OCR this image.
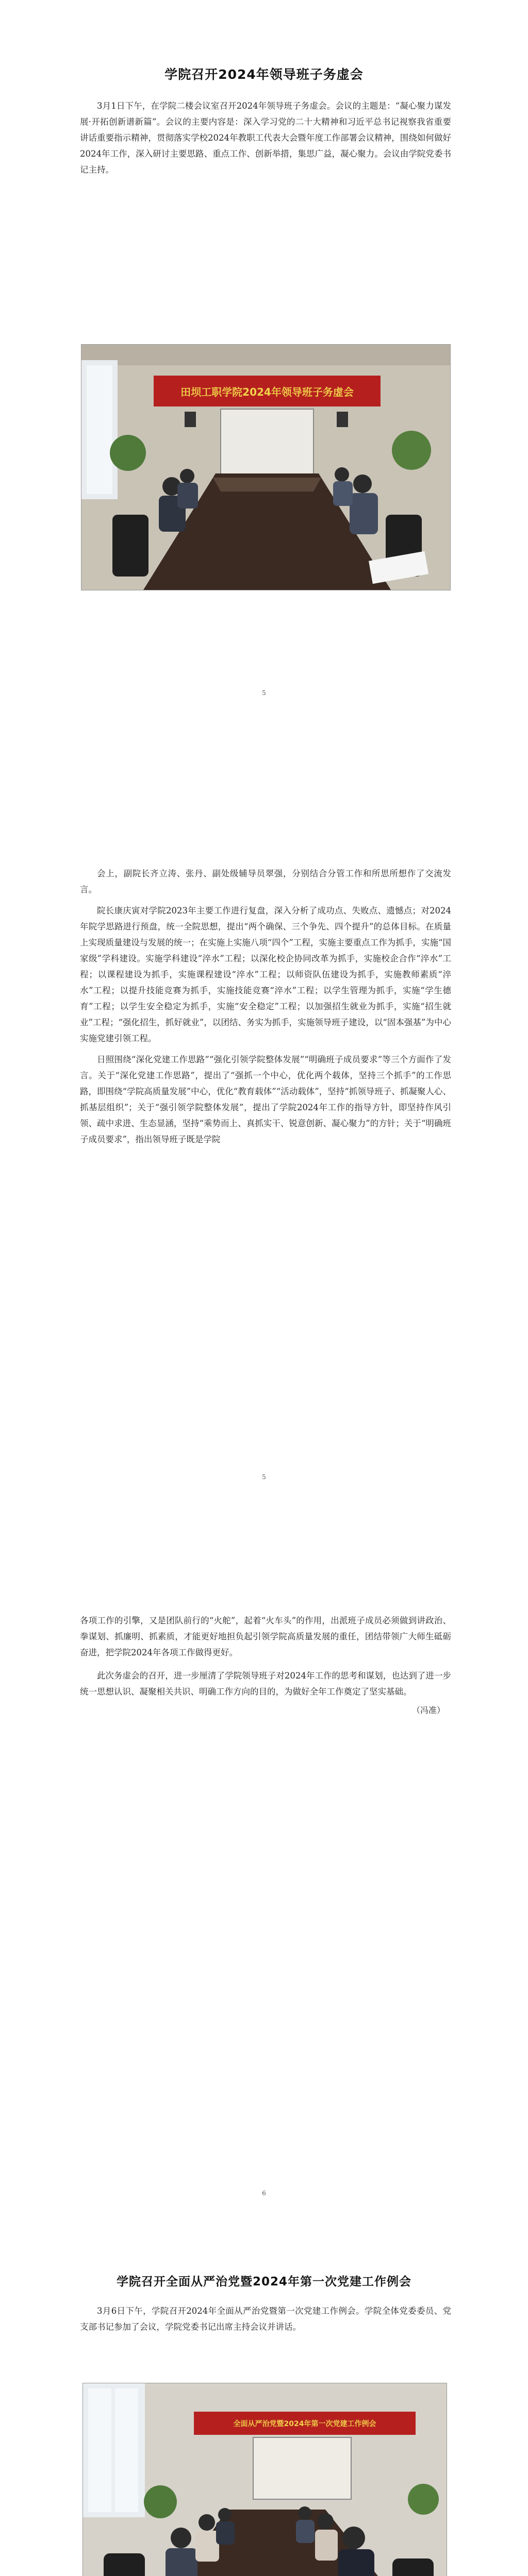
学院召开2024年领导班子务虚会

3月1日下午，在学院二楼会议室召开2024年领导班子务虚会。会议的主题是：“凝心聚力谋发展·开拓创新谱新篇”。会议的主要内容是：深入学习党的二十大精神和习近平总书记视察我省重要讲话重要指示精神，贯彻落实学校2024年教职工代表大会暨年度工作部署会议精神，围绕如何做好2024年工作，深入研讨主要思路、重点工作、创新举措，集思广益，凝心聚力。会议由学院党委书记主持。

田坝工职学院2024年领导班子务虚会
5

会上，副院长齐立涛、张丹、副处级辅导员翠强，分别结合分管工作和所思所想作了交流发言。

院长康庆寅对学院2023年主要工作进行复盘，深入分析了成功点、失败点、遗憾点；对2024年院学思路进行预盘，统一全院思想，提出“两个确保、三个争先、四个提升”的总体目标。在质量上实现质量建设与发展的统一；在实施上实施八项“四个”工程，实施主要重点工作为抓手，实施“国家级”学科建设。实施学科建设“淬水”工程；以深化校企协同改革为抓手，实施校企合作“淬水”工程；以课程建设为抓手，实施课程建设“淬水”工程；以师资队伍建设为抓手，实施教师素质“淬水”工程；以提升技能竞赛为抓手，实施技能竞赛“淬水”工程；以学生管理为抓手，实施“学生德育”工程；以学生安全稳定为抓手，实施“安全稳定”工程；以加强招生就业为抓手，实施“招生就业”工程；“强化招生，抓好就业”，以团结、务实为抓手，实施领导班子建设，以“固本强基”为中心实施党建引领工程。

日照围绕“深化党建工作思路”“强化引领学院整体发展”“明确班子成员要求”等三个方面作了发言。关于“深化党建工作思路”，提出了“强抓一个中心，优化两个载体，坚持三个抓手”的工作思路，即围绕“学院高质量发展”中心，优化“教育载体”“活动载体”，坚持“抓领导班子、抓凝聚人心、抓基层组织”；关于“强引领学院整体发展”，提出了学院2024年工作的指导方针，即坚持作风引领、疏中求进、生态显涵，坚持“乘势而上、真抓实干、锐意创新、凝心聚力”的方针；关于“明确班子成员要求”，指出领导班子既是学院

5

各项工作的引擎，又是团队前行的“火舵”，起着“火车头”的作用，出派班子成员必须做到讲政治、拳谋划、抓廉明、抓素质，才能更好地担负起引领学院高质量发展的重任，团结带领广大师生砥砺奋进，把学院2024年各项工作做得更好。

此次务虚会的召开，进一步厘清了学院领导班子对2024年工作的思考和谋划，也达到了进一步统一思想认识、凝聚相关共识、明确工作方向的目的，为做好全年工作奠定了坚实基础。

（冯准）
6
学院召开全面从严治党暨2024年第一次党建工作例会

3月6日下午，学院召开2024年全面从严治党暨第一次党建工作例会。学院全体党委委员、党支部书记参加了会议，学院党委书记出席主持会议并讲话。

全面从严治党暨2024年第一次党建工作例会
